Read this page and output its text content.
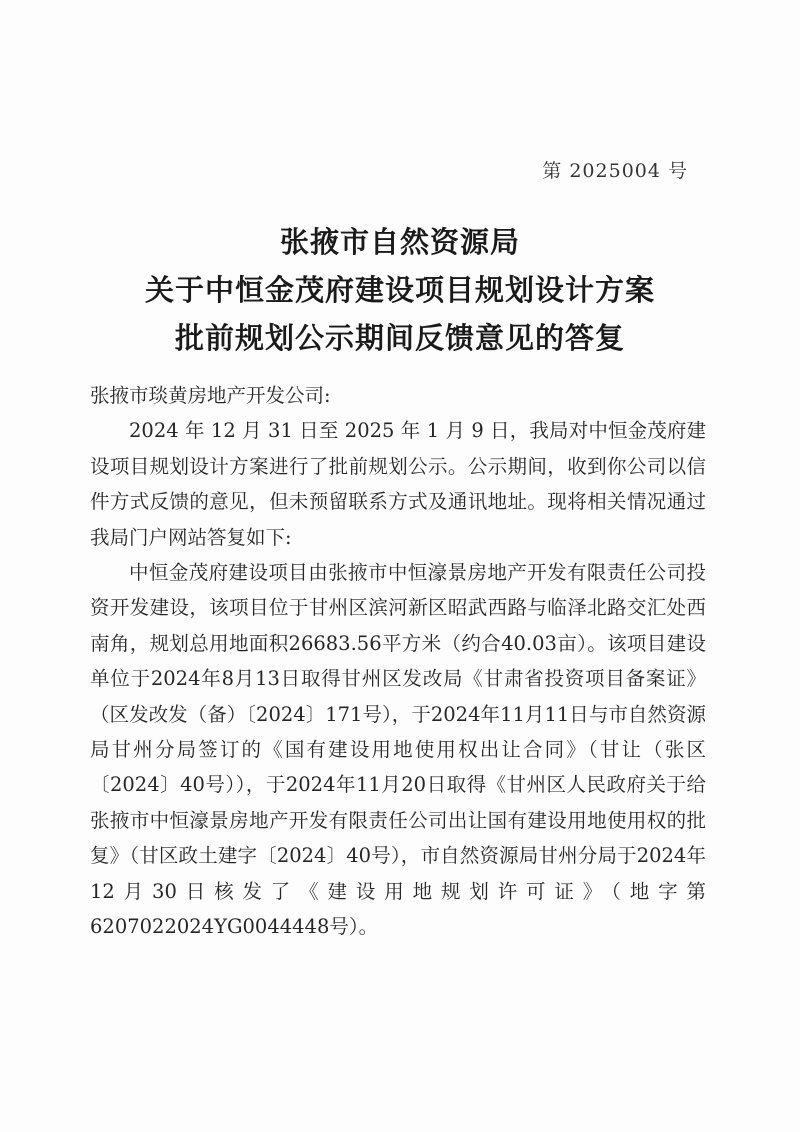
第 2025004 号
张掖市自然资源局
关于中恒金茂府建设项目规划设计方案
批前规划公示期间反馈意见的答复

张掖市琰黄房地产开发公司:

2024 年 12 月 31 日至 2025 年 1 月 9 日，我局对中恒金茂府建设项目规划设计方案进行了批前规划公示。公示期间，收到你公司以信件方式反馈的意见，但未预留联系方式及通讯地址。现将相关情况通过我局门户网站答复如下:

中恒金茂府建设项目由张掖市中恒濠景房地产开发有限责任公司投资开发建设，该项目位于甘州区滨河新区昭武西路与临泽北路交汇处西南角，规划总用地面积26683.56平方米（约合40.03亩）。该项目建设单位于2024年8月13日取得甘州区发改局《甘肃省投资项目备案证》（区发改发（备）〔2024〕171号），于2024年11月11日与市自然资源局甘州分局签订的《国有建设用地使用权出让合同》（甘让（张区〔2024〕40号）），于2024年11月20日取得《甘州区人民政府关于给张掖市中恒濠景房地产开发有限责任公司出让国有建设用地使用权的批复》（甘区政土建字〔2024〕40号），市自然资源局甘州分局于2024年12月30日核发了《建设用地规划许可证》（地字第6207022024YG0044448号）。
